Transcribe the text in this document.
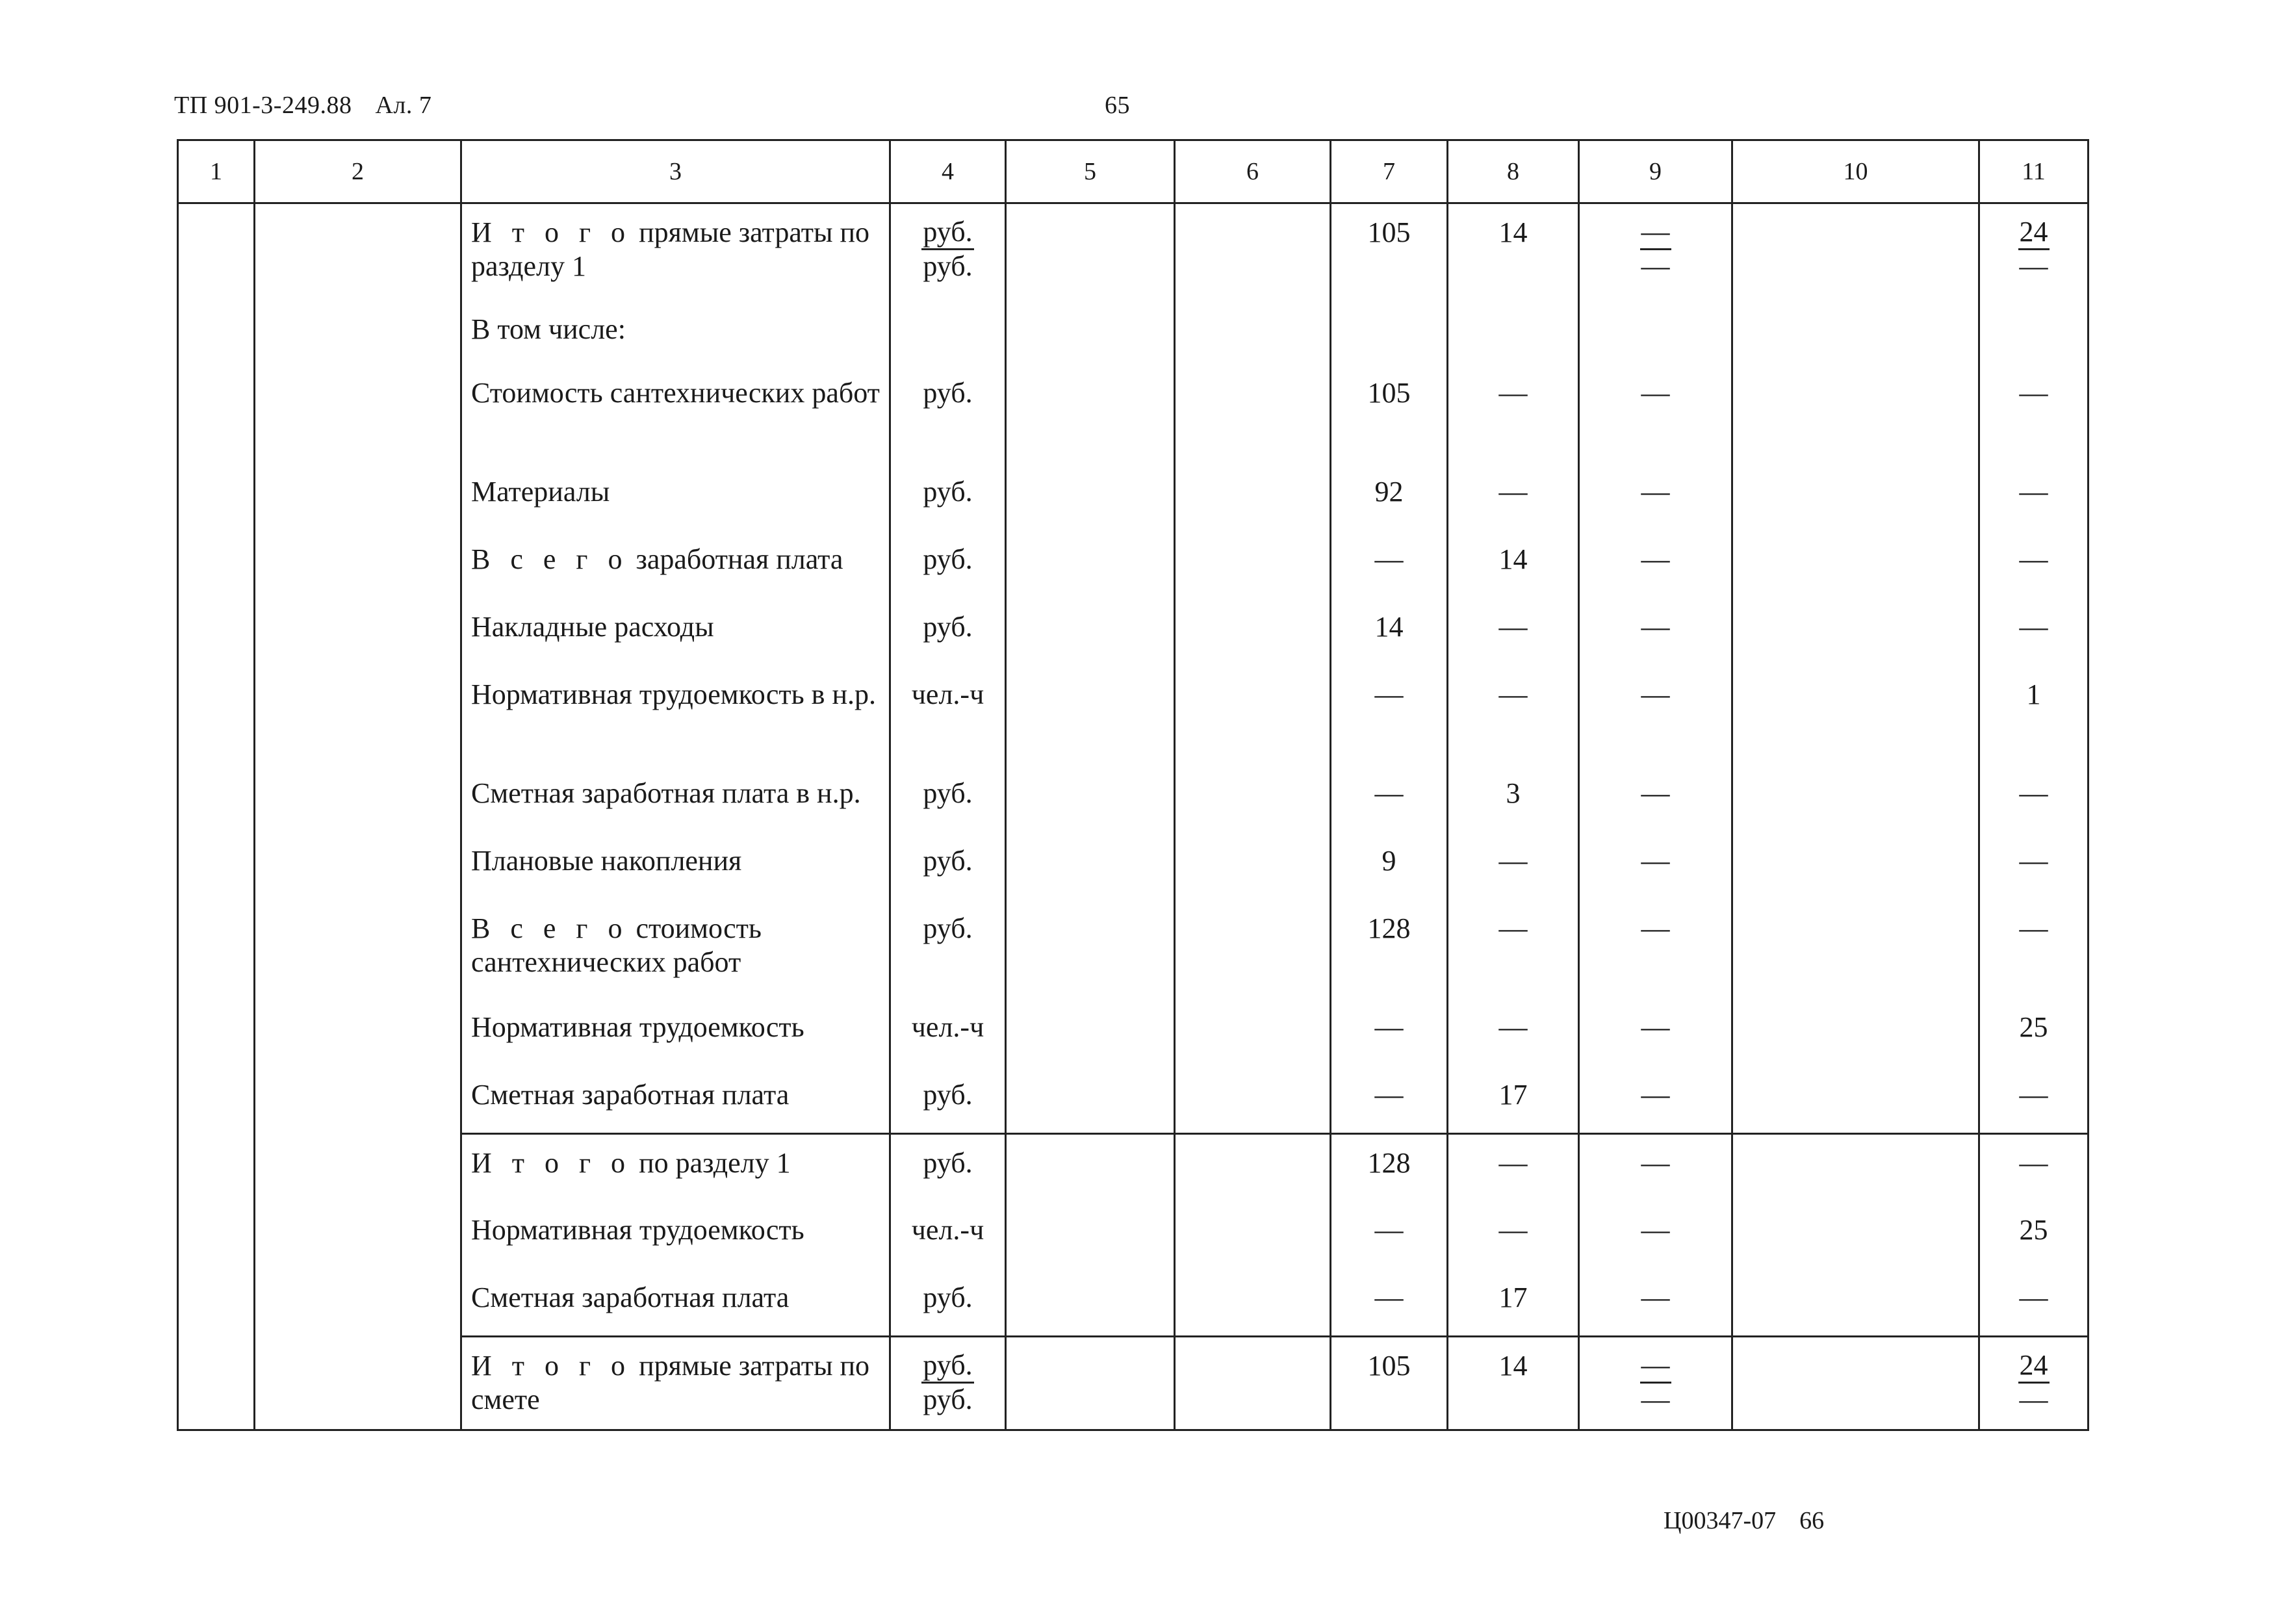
ТП 901-3-249.88 Ал. 7	65
1	2	3	4	5	6	7	8	9	10	11
		И т о г о прямые затраты по разделу 1	$\frac{\text{руб.}}{\text{руб.}}$			105	14	$\frac{—}{—}$		$\frac{24}{—}$

		В том числе:								
		Стоимость сантехнических работ	руб.			105	—	—		—
		Материалы	руб.			92	—	—		—
		В с е г о заработная плата	руб.			—	14	—		—
		Накладные расходы	руб.			14	—	—		—
		Нормативная трудоемкость в н.р.	чел.-ч			—	—	—		1
		Сметная заработная плата в н.р.	руб.			—	3	—		—
		Плановые накопления	руб.			9	—	—		—
		В с е г о стоимость сантехнических работ	руб.			128	—	—		—
		Нормативная трудоемкость	чел.-ч			—	—	—		25
		Сметная заработная плата	руб.			—	17	—		—
		И т о г о по разделу 1	руб.			128	—	—		—
		Нормативная трудоемкость	чел.-ч			—	—	—		25
		Сметная заработная плата	руб.			—	17	—		—
		И т о г о прямые затраты по смете	$\frac{\text{руб.}}{\text{руб.}}$			105	14	$\frac{—}{—}$		$\frac{24}{—}$
Ц00347-07 66
